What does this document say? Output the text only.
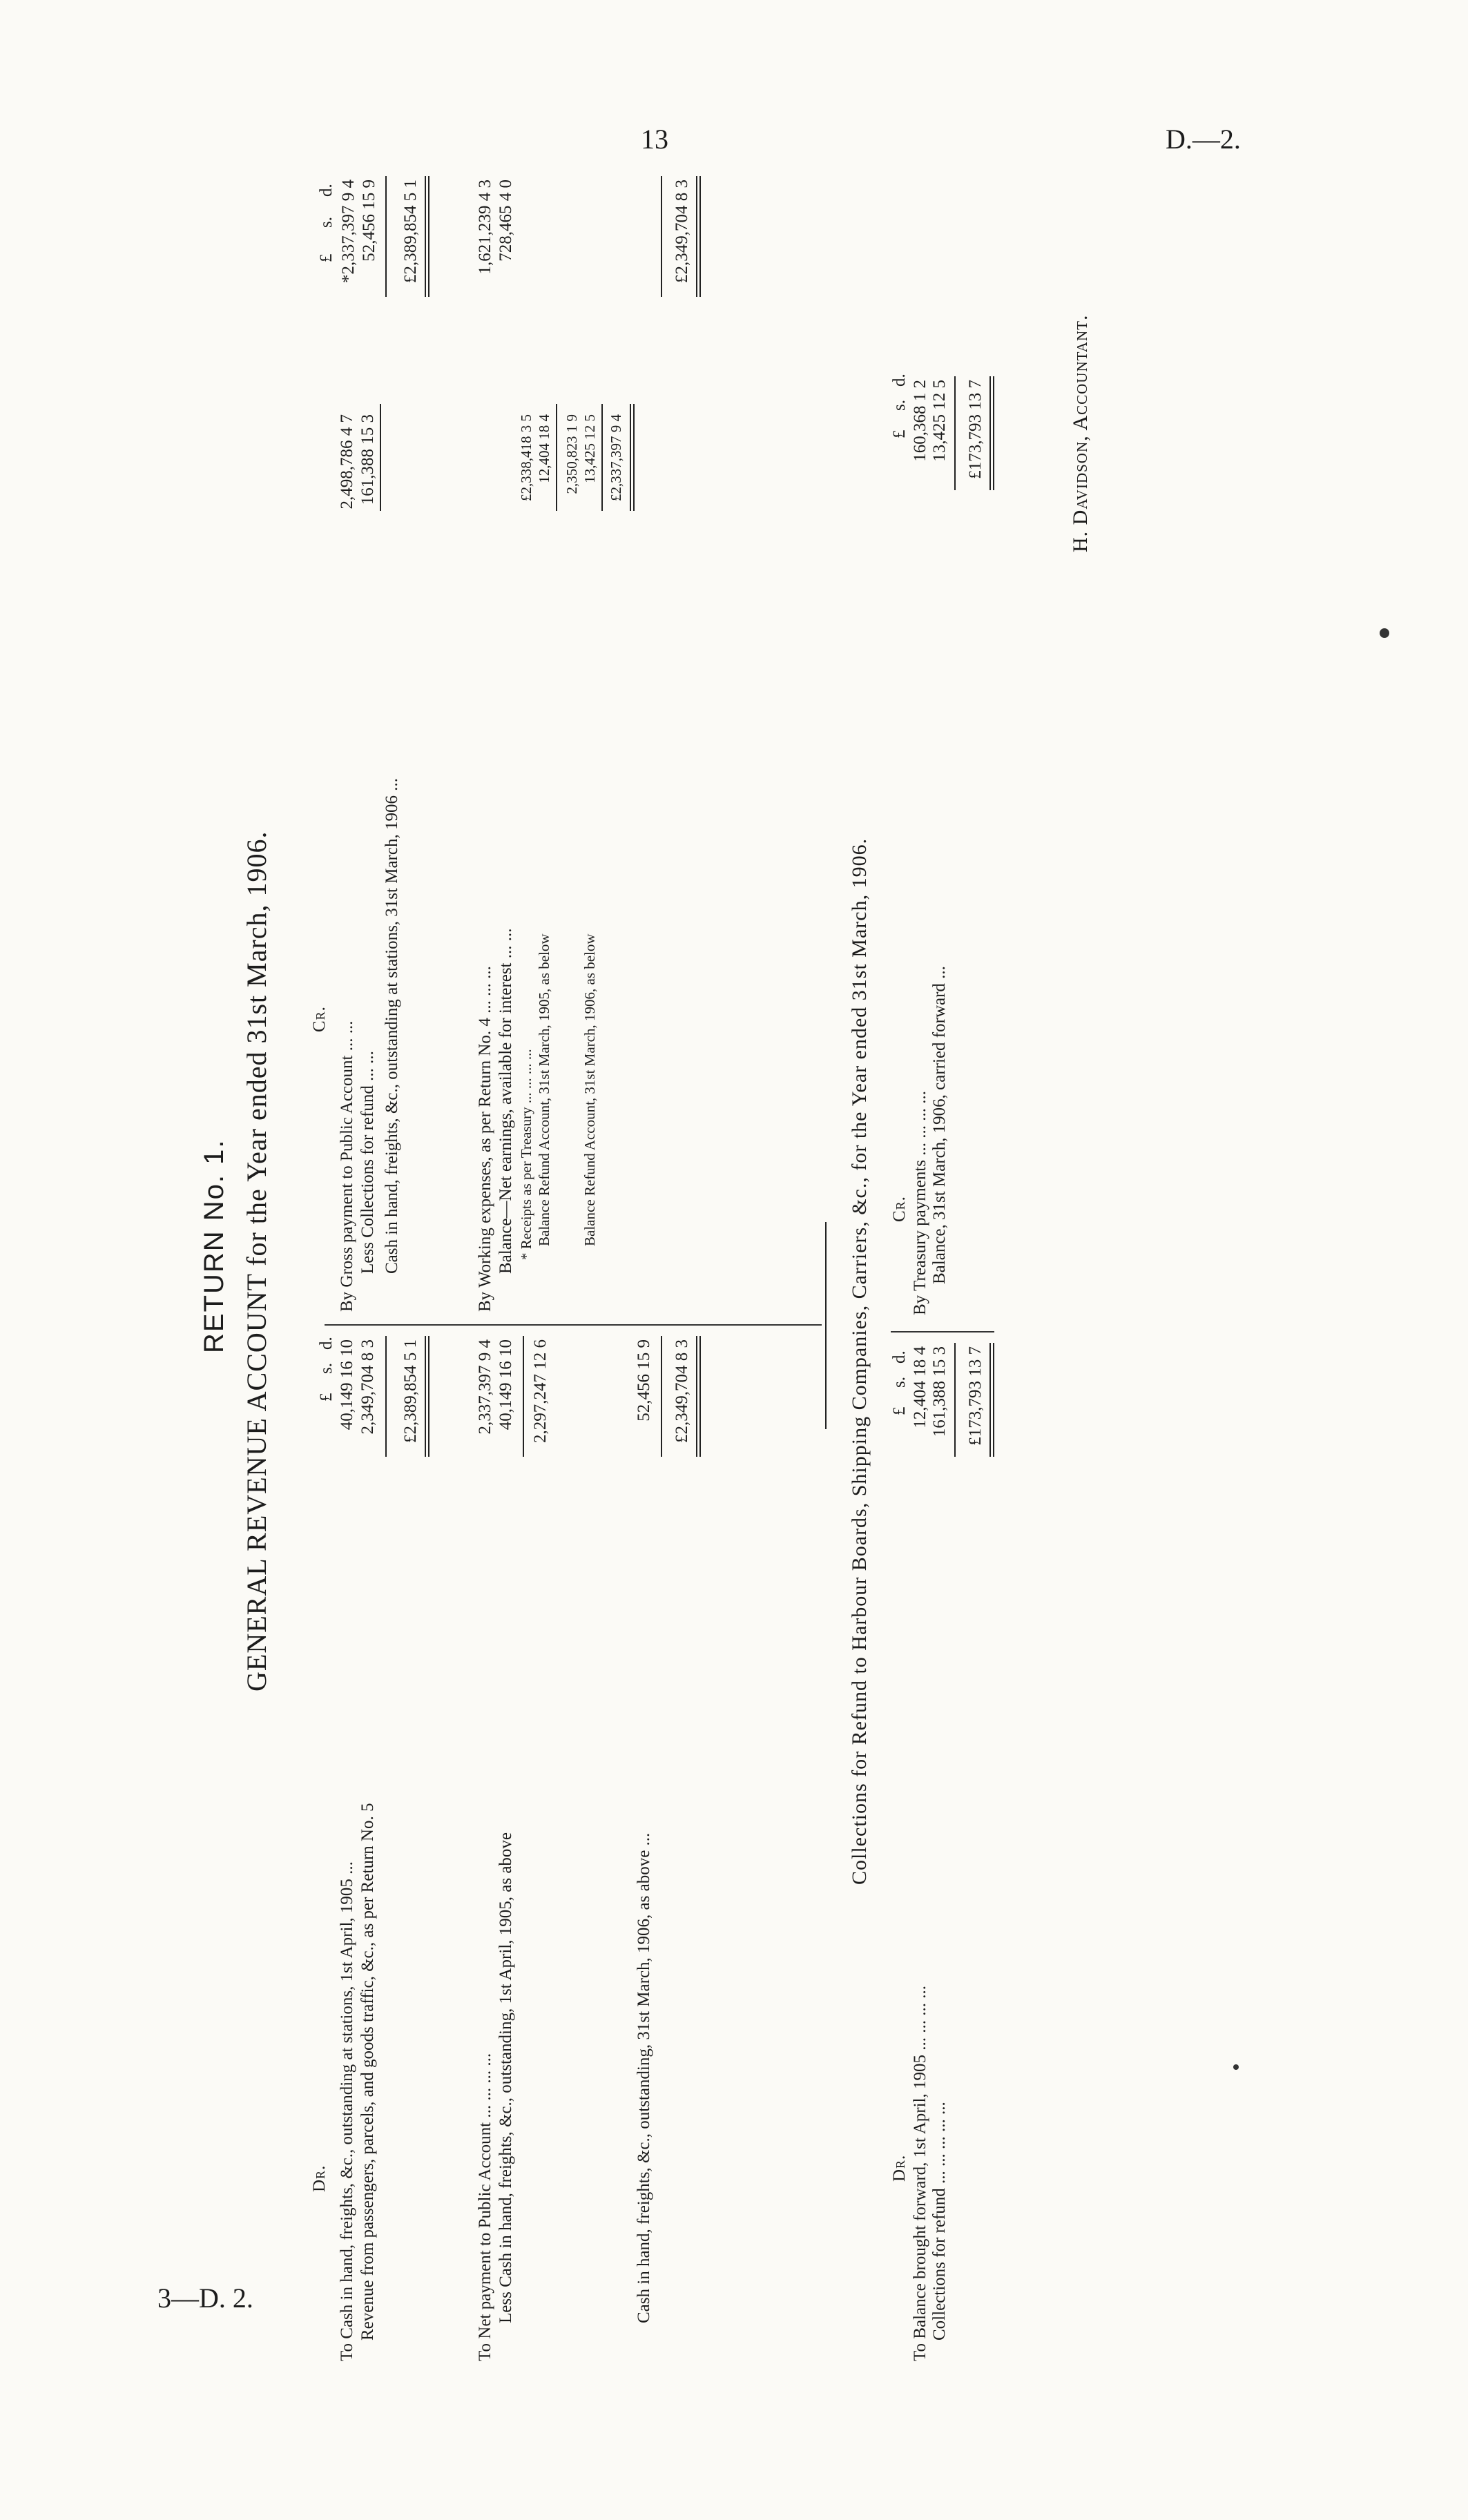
13	D.—2.
3—D. 2.
RETURN No. 1. GENERAL REVENUE ACCOUNT for the Year ended 31st March, 1906.
Dr.
Cr.
£
s.
d.
£
s.
d.
To Cash in hand, freights, &c., outstanding at stations, 1st April, 1905 ...
40,149 16 10
Revenue from passengers, parcels, and goods traffic, &c., as per Return No. 5
2,349,704 8 3 £2,389,854 5 1
To Net payment to Public Account ... ... ... ...
2,337,397 9 4
Less Cash in hand, freights, &c., outstanding, 1st April, 1905, as above
40,149 16 10 2,297,247 12 6
Cash in hand, freights, &c., outstanding, 31st March, 1906, as above ...
52,456 15 9 £2,349,704 8 3
By Gross payment to Public Account ... ...
2,498,786 4 7
Less Collections for refund ... ...
161,388 15 3
*2,337,397 9 4
Cash in hand, freights, &c., outstanding at stations, 31st March, 1906 ...
52,456 15 9 £2,389,854 5 1
By Working expenses, as per Return No. 4 ... ... ...
1,621,239 4 3
Balance—Net earnings, available for interest ... ...
728,465 4 0
* Receipts as per Treasury ... ... ... ...
£2,338,418 3 5
Balance Refund Account, 31st March, 1905, as below
12,404 18 4 2,350,823 1 9
Balance Refund Account, 31st March, 1906, as below
13,425 12 5 £2,337,397 9 4
£2,349,704 8 3
Collections for Refund to Harbour Boards, Shipping Companies, Carriers, &c., for the Year ended 31st March, 1906.
Dr.
Cr.
£
s.
d.
£
s.
d.
To Balance brought forward, 1st April, 1905 ... ... ... ...
12,404 18 4
Collections for refund ... ... ... ... ...
161,388 15 3 £173,793 13 7
By Treasury payments ... ... ... ...
160,368 1 2
Balance, 31st March, 1906, carried forward ...
13,425 12 5 £173,793 13 7	H. Davidson, Accountant.
